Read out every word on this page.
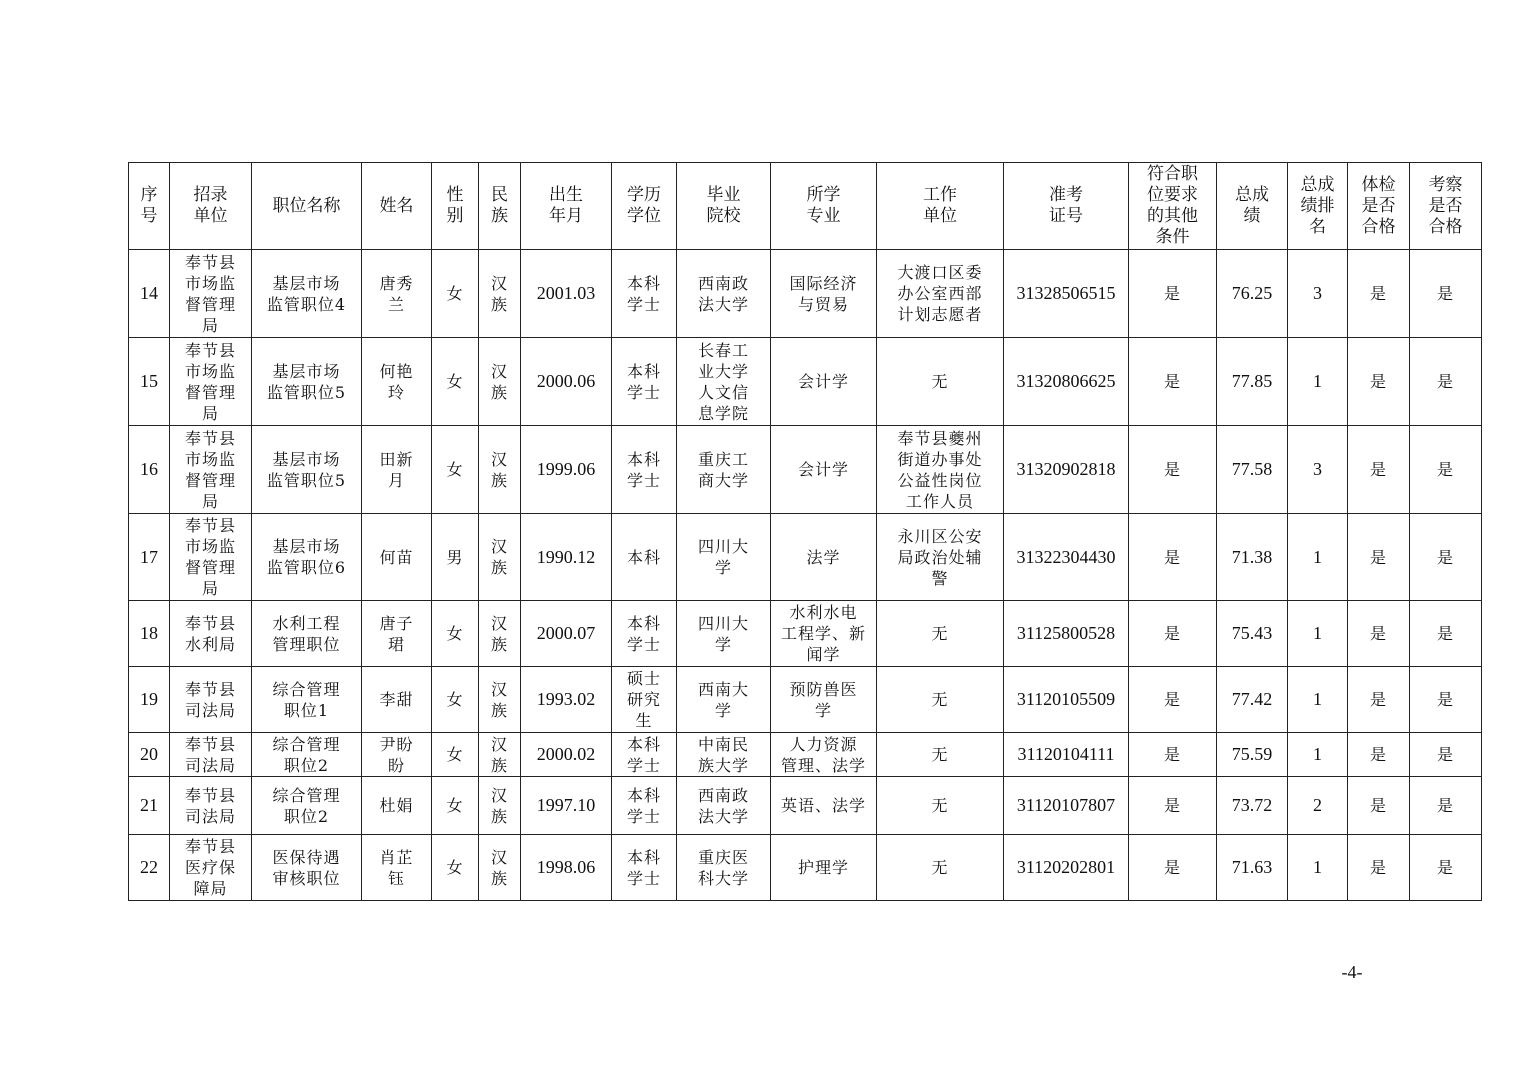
序
号	招录
单位	职位名称	姓名	性
别	民
族	出生
年月	学历
学位	毕业
院校	所学
专业	工作
单位	准考
证号	符合职
位要求
的其他
条件	总成
绩	总成
绩排
名	体检
是否
合格	考察
是否
合格

14	奉节县
市场监
督管理
局	基层市场
监管职位4	唐秀
兰	女	汉
族	2001.03	本科
学士	西南政
法大学	国际经济
与贸易	大渡口区委
办公室西部
计划志愿者	31328506515	是	76.25	3	是	是

15	奉节县
市场监
督管理
局	基层市场
监管职位5	何艳
玲	女	汉
族	2000.06	本科
学士	长春工
业大学
人文信
息学院	会计学	无	31320806625	是	77.85	1	是	是

16	奉节县
市场监
督管理
局	基层市场
监管职位5	田新
月	女	汉
族	1999.06	本科
学士	重庆工
商大学	会计学	奉节县夔州
街道办事处
公益性岗位
工作人员	31320902818	是	77.58	3	是	是

17	奉节县
市场监
督管理
局	基层市场
监管职位6	何苗	男	汉
族	1990.12	本科	四川大
学	法学	永川区公安
局政治处辅
警	31322304430	是	71.38	1	是	是

18	奉节县
水利局	水利工程
管理职位	唐子
珺	女	汉
族	2000.07	本科
学士	四川大
学	水利水电
工程学、新
闻学	无	31125800528	是	75.43	1	是	是

19	奉节县
司法局	综合管理
职位1	李甜	女	汉
族	1993.02	硕士
研究
生	西南大
学	预防兽医
学	无	31120105509	是	77.42	1	是	是

20	奉节县
司法局	综合管理
职位2	尹盼
盼	女	汉
族	2000.02	本科
学士	中南民
族大学	人力资源
管理、法学	无	31120104111	是	75.59	1	是	是

21	奉节县
司法局	综合管理
职位2	杜娟	女	汉
族	1997.10	本科
学士	西南政
法大学	英语、法学	无	31120107807	是	73.72	2	是	是

22	奉节县
医疗保
障局	医保待遇
审核职位	肖芷
钰	女	汉
族	1998.06	本科
学士	重庆医
科大学	护理学	无	31120202801	是	71.63	1	是	是
-4-
